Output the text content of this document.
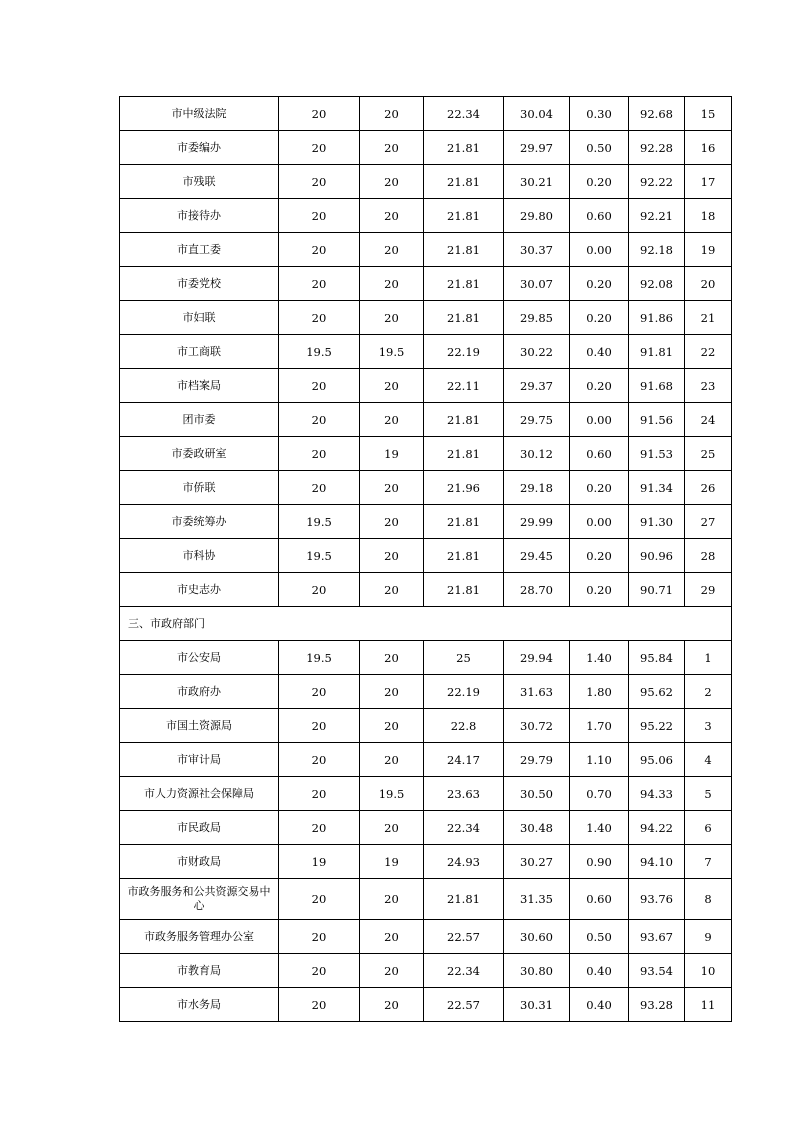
市中级法院	20	20	22.34	30.04	0.30	92.68	15
市委编办	20	20	21.81	29.97	0.50	92.28	16
市残联	20	20	21.81	30.21	0.20	92.22	17
市接待办	20	20	21.81	29.80	0.60	92.21	18
市直工委	20	20	21.81	30.37	0.00	92.18	19
市委党校	20	20	21.81	30.07	0.20	92.08	20
市妇联	20	20	21.81	29.85	0.20	91.86	21
市工商联	19.5	19.5	22.19	30.22	0.40	91.81	22
市档案局	20	20	22.11	29.37	0.20	91.68	23
团市委	20	20	21.81	29.75	0.00	91.56	24
市委政研室	20	19	21.81	30.12	0.60	91.53	25
市侨联	20	20	21.96	29.18	0.20	91.34	26
市委统筹办	19.5	20	21.81	29.99	0.00	91.30	27
市科协	19.5	20	21.81	29.45	0.20	90.96	28
市史志办	20	20	21.81	28.70	0.20	90.71	29
三、市政府部门							
市公安局	19.5	20	25	29.94	1.40	95.84	1
市政府办	20	20	22.19	31.63	1.80	95.62	2
市国土资源局	20	20	22.8	30.72	1.70	95.22	3
市审计局	20	20	24.17	29.79	1.10	95.06	4
市人力资源社会保障局	20	19.5	23.63	30.50	0.70	94.33	5
市民政局	20	20	22.34	30.48	1.40	94.22	6
市财政局	19	19	24.93	30.27	0.90	94.10	7
市政务服务和公共资源交易中心	20	20	21.81	31.35	0.60	93.76	8
市政务服务管理办公室	20	20	22.57	30.60	0.50	93.67	9
市教育局	20	20	22.34	30.80	0.40	93.54	10
市水务局	20	20	22.57	30.31	0.40	93.28	11
